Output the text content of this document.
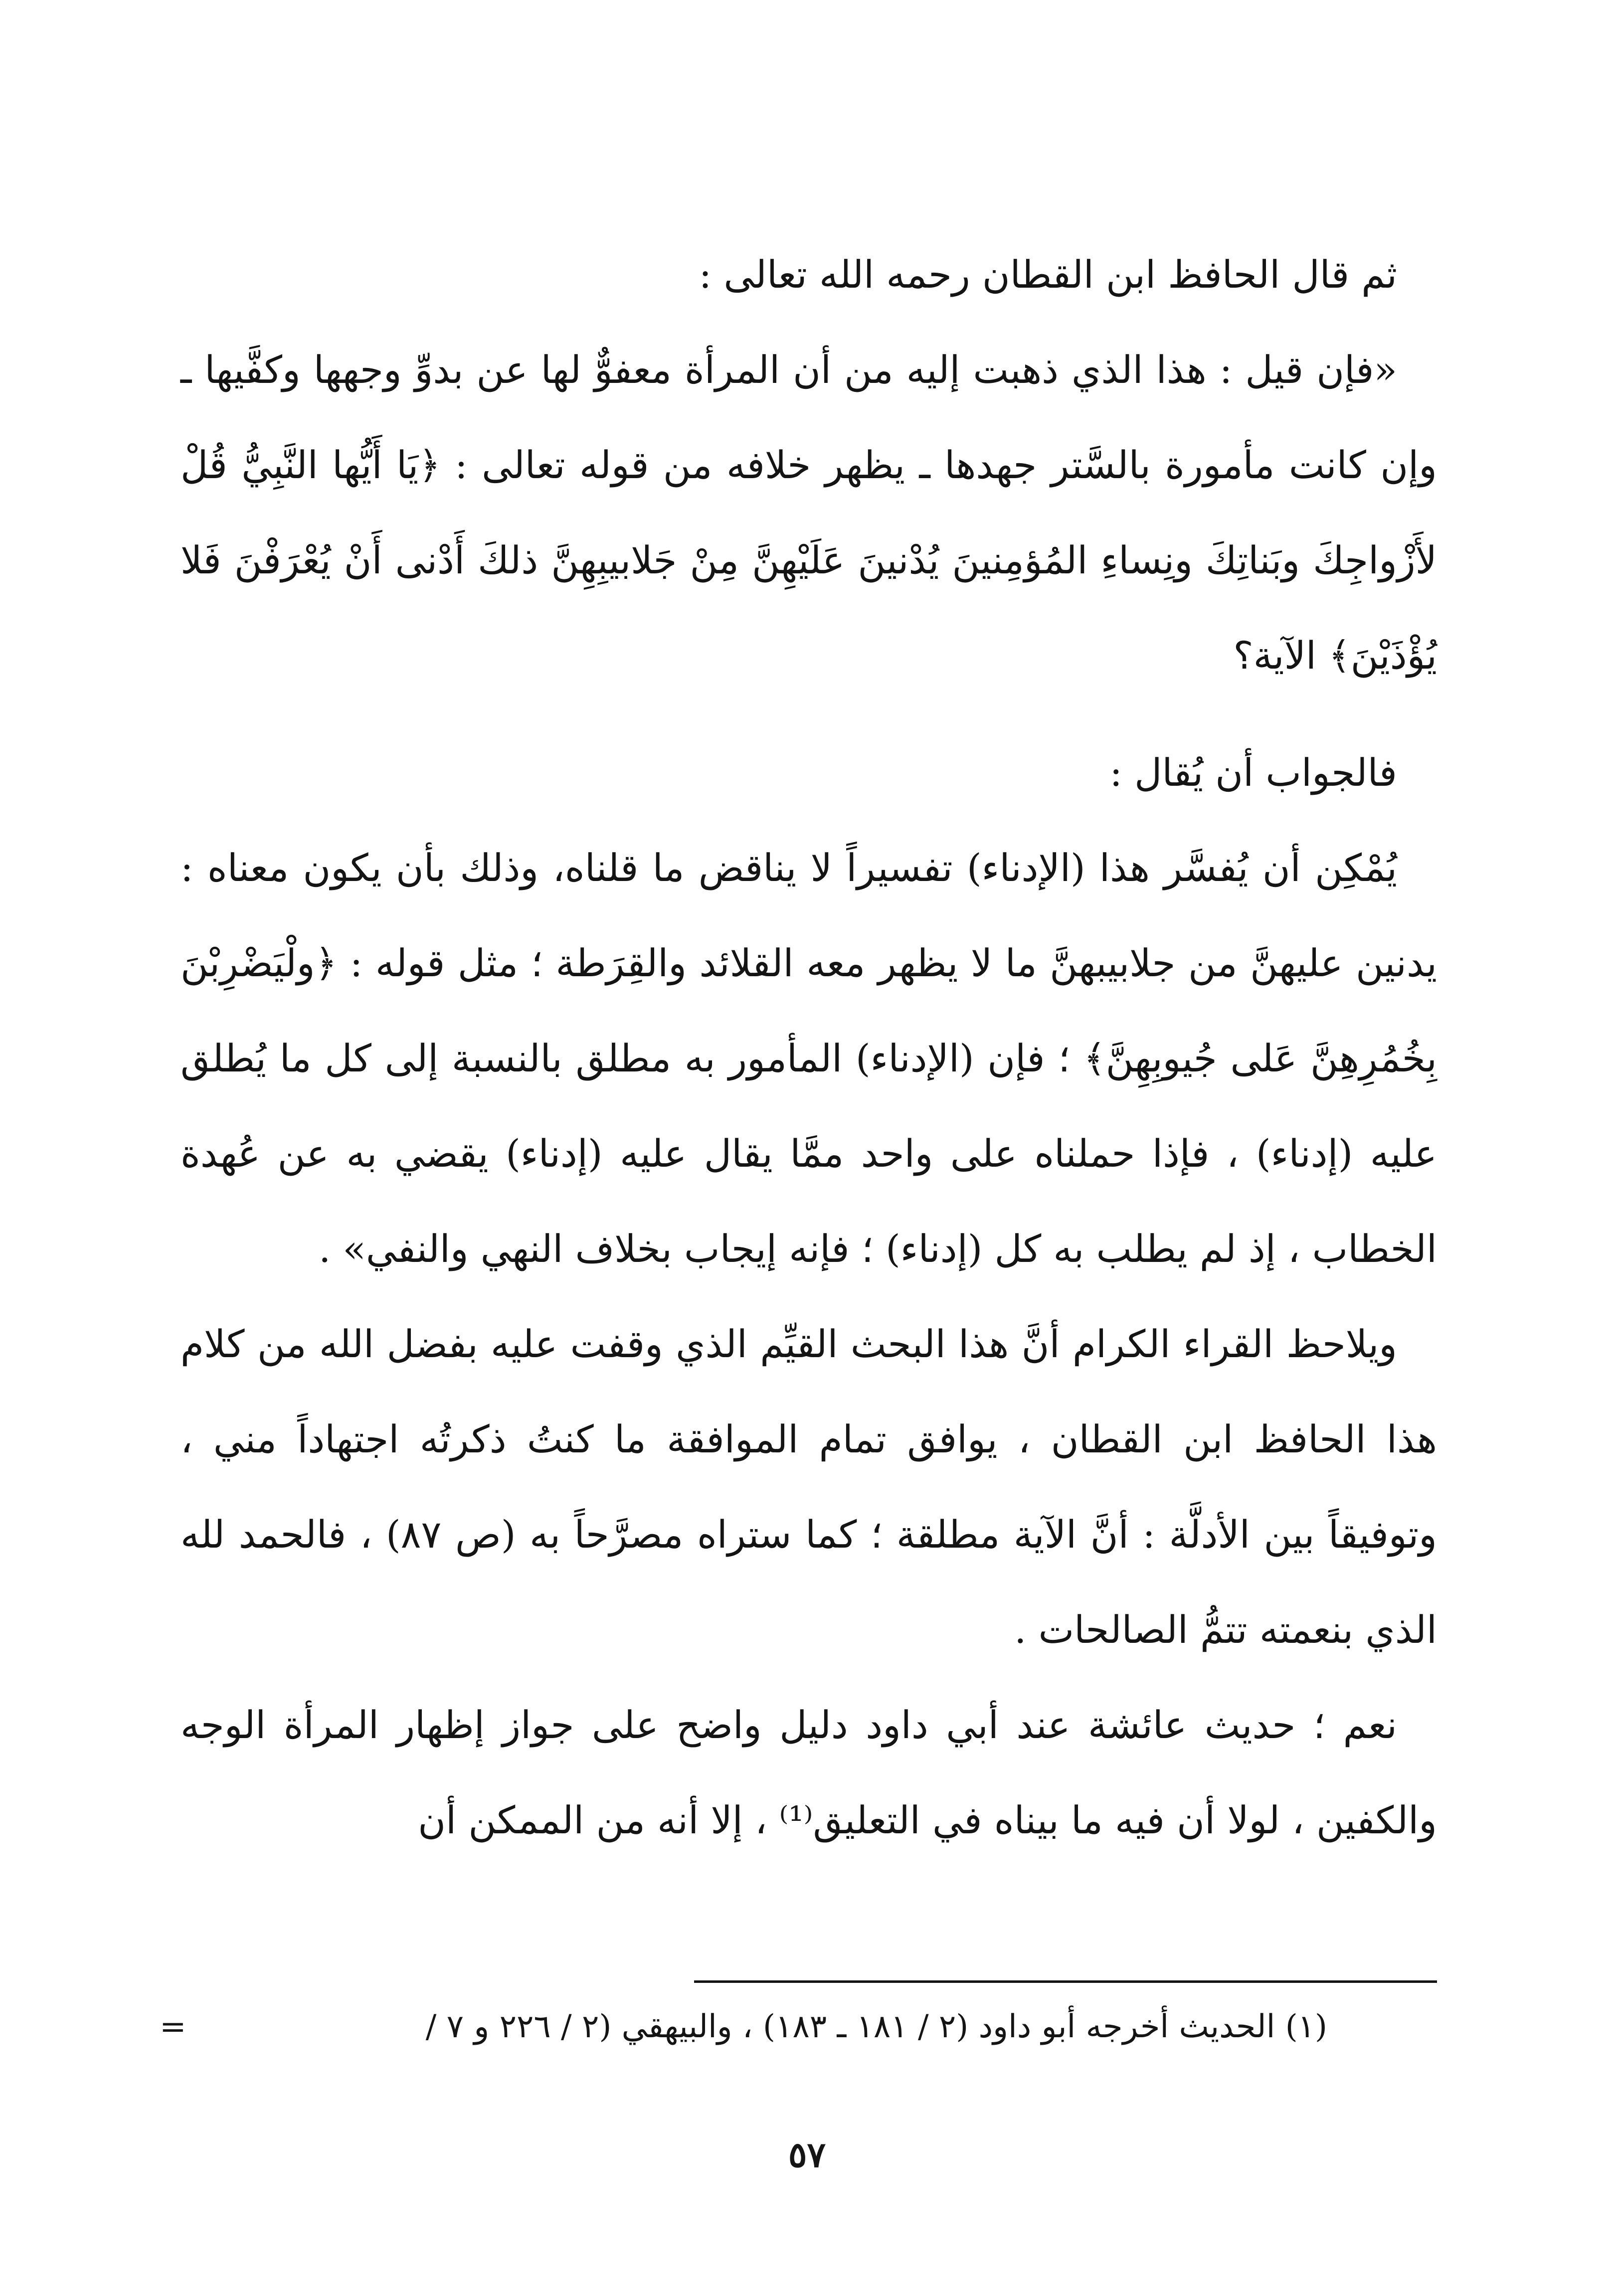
ثم قال الحافظ ابن القطان رحمه الله تعالى :

«فإن قيل : هذا الذي ذهبت إليه من أن المرأة معفوٌّ لها عن بدوِّ وجهها وكفَّيها ـ وإن كانت مأمورة بالسَّتر جهدها ـ يظهر خلافه من قوله تعالى : ﴿يَا أَيُّها النَّبِيُّ قُلْ لأَزْواجِكَ وبَناتِكَ ونِساءِ المُؤمِنينَ يُدْنينَ عَلَيْهِنَّ مِنْ جَلابيبِهِنَّ ذلكَ أَدْنى أَنْ يُعْرَفْنَ فَلا يُؤْذَيْنَ﴾ الآية؟

فالجواب أن يُقال :

يُمْكِن أن يُفسَّر هذا (الإدناء) تفسيراً لا يناقض ما قلناه، وذلك بأن يكون معناه : يدنين عليهنَّ من جلابيبهنَّ ما لا يظهر معه القلائد والقِرَطة ؛ مثل قوله : ﴿ولْيَضْرِبْنَ بِخُمُرِهِنَّ عَلى جُيوبِهِنَّ﴾ ؛ فإن (الإدناء) المأمور به مطلق بالنسبة إلى كل ما يُطلق عليه (إدناء) ، فإذا حملناه على واحد ممَّا يقال عليه (إدناء) يقضي به عن عُهدة الخطاب ، إذ لم يطلب به كل (إدناء) ؛ فإنه إيجاب بخلاف النهي والنفي» .

ويلاحظ القراء الكرام أنَّ هذا البحث القيِّم الذي وقفت عليه بفضل الله من كلام هذا الحافظ ابن القطان ، يوافق تمام الموافقة ما كنتُ ذكرتُه اجتهاداً مني ، وتوفيقاً بين الأدلَّة : أنَّ الآية مطلقة ؛ كما ستراه مصرَّحاً به (ص ٨٧) ، فالحمد لله الذي بنعمته تتمُّ الصالحات .

نعم ؛ حديث عائشة عند أبي داود دليل واضح على جواز إظهار المرأة الوجه والكفين ، لولا أن فيه ما بيناه في التعليق⁽¹⁾ ، إلا أنه من الممكن أن

(١) الحديث أخرجه أبو داود (٢ / ١٨١ ـ ١٨٣) ، والبيهقي (٢ / ٢٢٦ و ٧ /
=
٥٧
